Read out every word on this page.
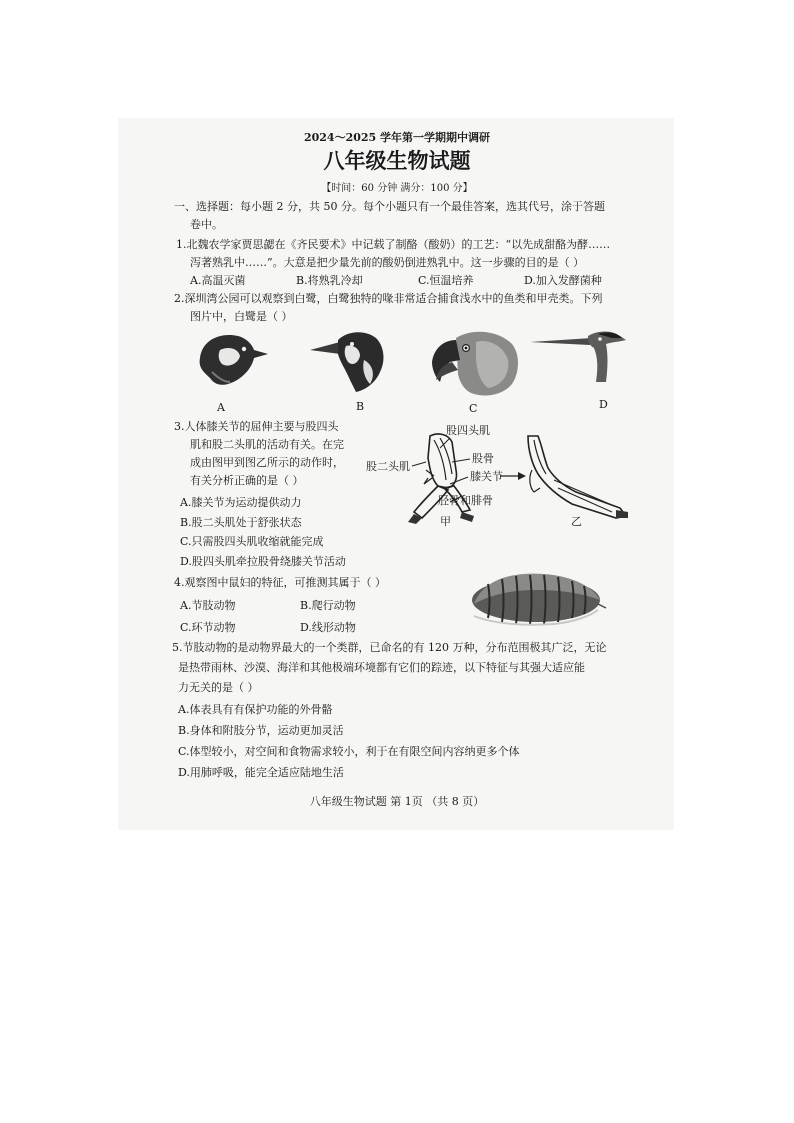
2024～2025 学年第一学期期中调研
八年级生物试题
【时间：60 分钟 满分：100 分】
一、选择题：每小题 2 分，共 50 分。每个小题只有一个最佳答案，选其代号，涂于答题
卷中。
1.北魏农学家贾思勰在《齐民要术》中记载了制酪（酸奶）的工艺：“以先成甜酪为酵……
泻著熟乳中……”。大意是把少量先前的酸奶倒进熟乳中。这一步骤的目的是（ ）
A.高温灭菌	B.将熟乳冷却	C.恒温培养	D.加入发酵菌种
2.深圳湾公园可以观察到白鹭，白鹭独特的喙非常适合捕食浅水中的鱼类和甲壳类。下列
图片中，白鹭是（ ）
A	B	C	D
3.人体膝关节的屈伸主要与股四头
肌和股二头肌的活动有关。在完
成由图甲到图乙所示的动作时，
有关分析正确的是（ ）
A.膝关节为运动提供动力
B.股二头肌处于舒张状态
C.只需股四头肌收缩就能完成
D.股四头肌牵拉股骨绕膝关节活动
股四头肌
股二头肌
股骨
膝关节
胫骨和腓骨
甲	乙
4.观察图中鼠妇的特征，可推测其属于（ ）
A.节肢动物	B.爬行动物
C.环节动物	D.线形动物
5.节肢动物的是动物界最大的一个类群，已命名的有 120 万种，分布范围极其广泛，无论
是热带雨林、沙漠、海洋和其他极端环境都有它们的踪迹，以下特征与其强大适应能
力无关的是（ ）
A.体表具有有保护功能的外骨骼
B.身体和附肢分节，运动更加灵活
C.体型较小，对空间和食物需求较小，利于在有限空间内容纳更多个体
D.用肺呼吸，能完全适应陆地生活
八年级生物试题 第 1页 （共 8 页）
